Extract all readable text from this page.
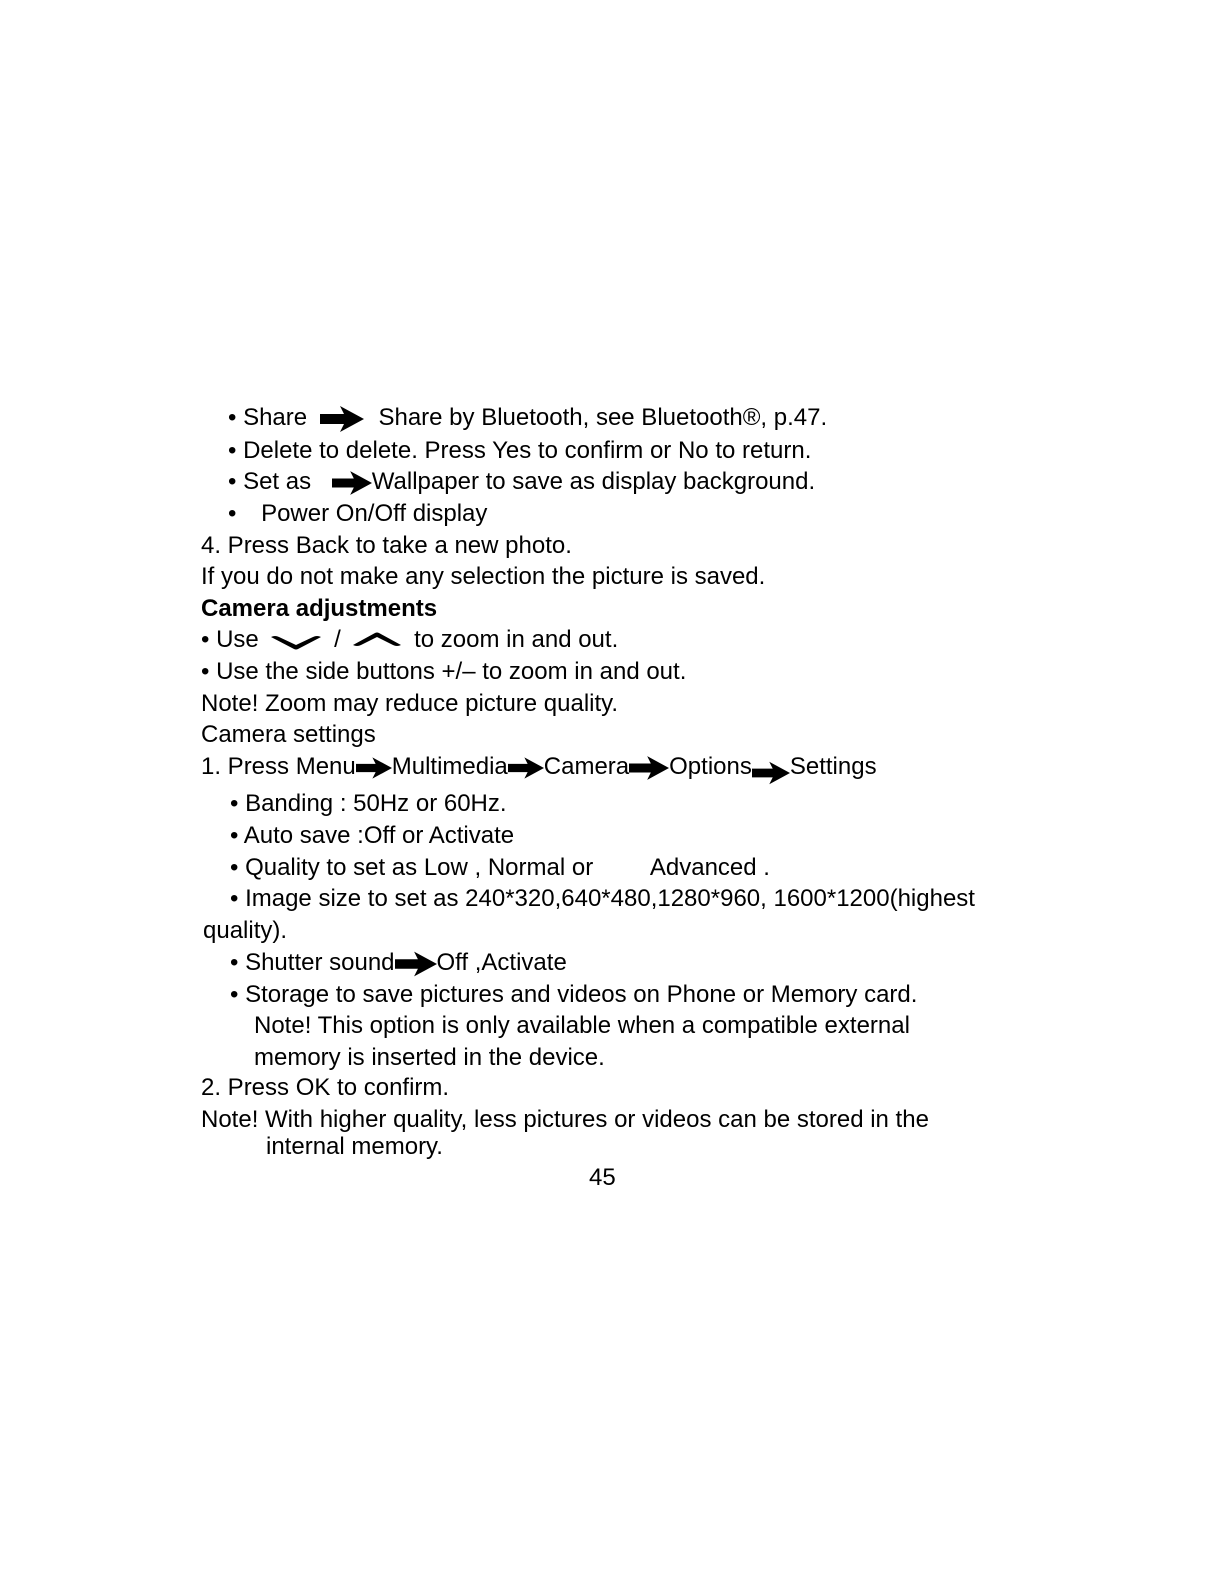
• Share	Share by Bluetooth, see Bluetooth®, p.47.
• Delete to delete. Press Yes to confirm or No to return.
• Set as	Wallpaper to save as display background.
• Power On/Off display
4. Press Back to take a new photo.
If you do not make any selection the picture is saved.
Camera adjustments
• Use	/	to zoom in and out.
• Use the side buttons +/– to zoom in and out.
Note! Zoom may reduce picture quality.
Camera settings
1. Press Menu Multimedia Camera Options Settings
• Banding : 50Hz or 60Hz.
• Auto save :Off or Activate
• Quality to set as Low , Normal or Advanced .
• Image size to set as 240*320,640*480,1280*960, 1600*1200(highest
quality).
• Shutter sound Off ,Activate
• Storage to save pictures and videos on Phone or Memory card.
Note! This option is only available when a compatible external
memory is inserted in the device.
2. Press OK to confirm.
Note! With higher quality, less pictures or videos can be stored in the
internal memory.
45
